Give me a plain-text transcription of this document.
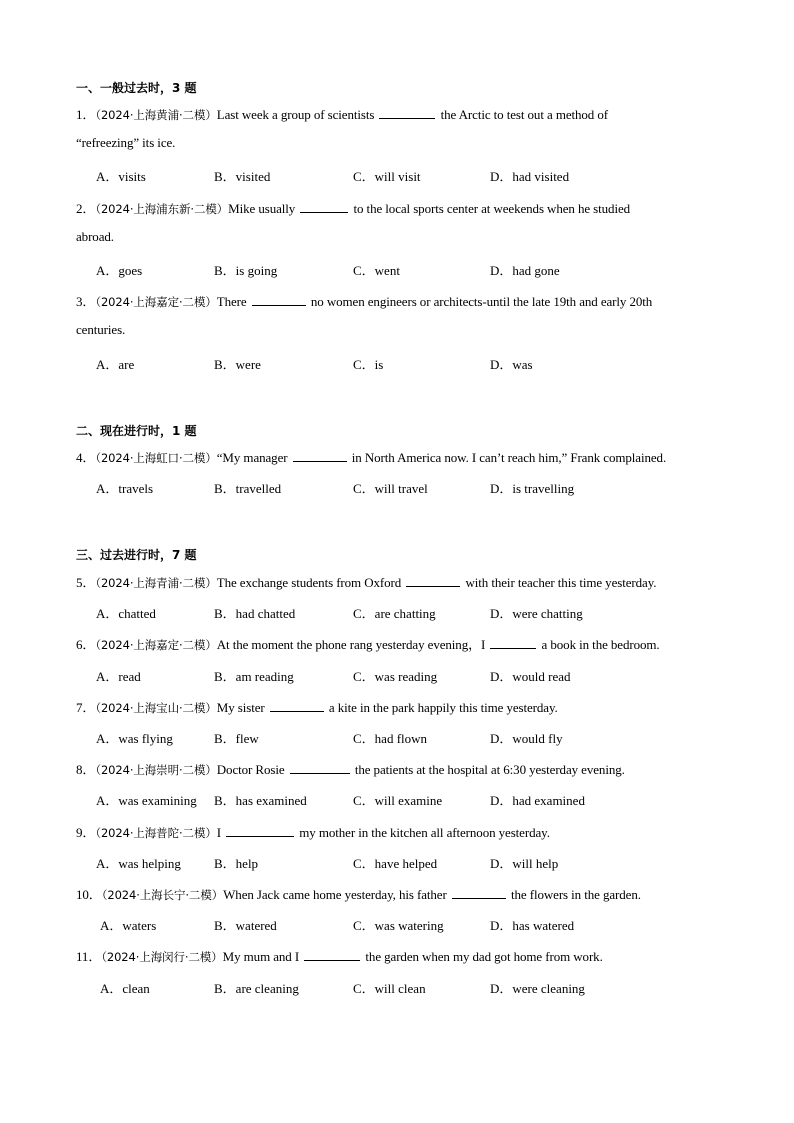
一、一般过去时，3 题
1．（2024·上海黄浦·二模）Last week a group of scientists	the Arctic to test out a method of
“refreezing” its ice.
A．visits	B．visited	C．will visit	D．had visited
2．（2024·上海浦东新·二模）Mike usually	to the local sports center at weekends when he studied
abroad.
A．goes	B．is going	C．went	D．had gone
3．（2024·上海嘉定·二模）There	no women engineers or architects-until the late 19th and early 20th
centuries.
A．are	B．were	C．is	D．was
二、现在进行时，1 题
4．（2024·上海虹口·二模）“My manager	in North America now. I can’t reach him,” Frank complained.
A．travels	B．travelled	C．will travel	D．is travelling
三、过去进行时，7 题
5．（2024·上海青浦·二模）The exchange students from Oxford	with their teacher this time yesterday.
A．chatted	B．had chatted	C．are chatting	D．were chatting
6．（2024·上海嘉定·二模）At the moment the phone rang yesterday evening，I	a book in the bedroom.
A．read	B．am reading	C．was reading	D．would read
7．（2024·上海宝山·二模）My sister	a kite in the park happily this time yesterday.
A．was flying	B．flew	C．had flown	D．would fly
8．（2024·上海崇明·二模）Doctor Rosie	the patients at the hospital at 6:30 yesterday evening.
A．was examining B．has examined	C．will examine	D．had examined
9．（2024·上海普陀·二模）I	my mother in the kitchen all afternoon yesterday.
A．was helping	B．help	C．have helped	D．will help
10．（2024·上海长宁·二模）When Jack came home yesterday, his father	the flowers in the garden.
A．waters	B．watered	C．was watering	D．has watered
11．（2024·上海闵行·二模）My mum and I	the garden when my dad got home from work.
A．clean	B．are cleaning	C．will clean	D．were cleaning
